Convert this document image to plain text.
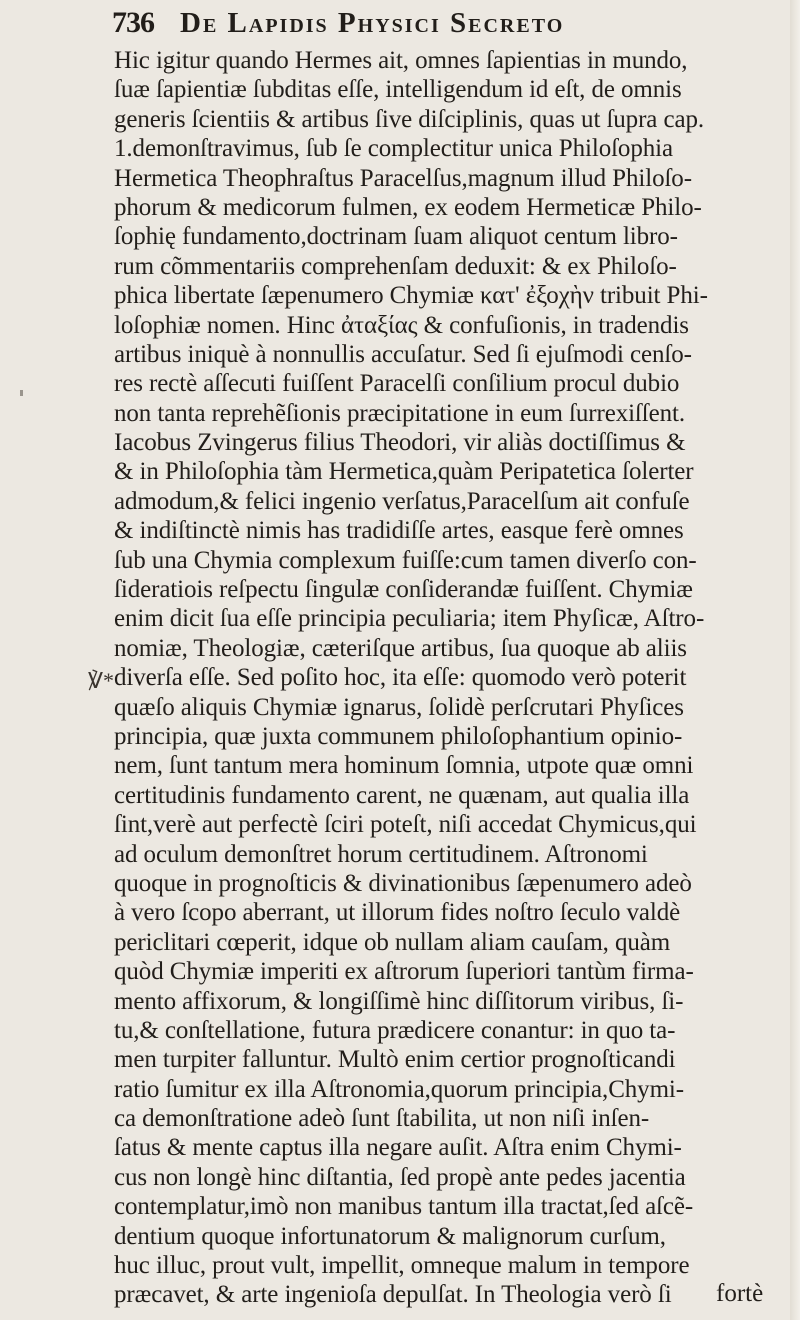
736 De Lapidis Physici Secreto
℣*
Hic igitur quando Hermes ait, omnes ſapientias in mundo,
ſuæ ſapientiæ ſubditas eſſe, intelligendum id eſt, de omnis
generis ſcientiis & artibus ſive diſciplinis, quas ut ſupra cap.
1.demonſtravimus, ſub ſe complectitur unica Philoſophia
Hermetica Theophraſtus Paracelſus,magnum illud Philoſo-
phorum & medicorum fulmen, ex eodem Hermeticæ Philo-
ſophię fundamento,doctrinam ſuam aliquot centum libro-
rum cõmmentariis comprehenſam deduxit: & ex Philoſo-
phica libertate ſæpenumero Chymiæ κατ' ἐξοχὴν tribuit Phi-
loſophiæ nomen. Hinc ἀταξίας & confuſionis, in tradendis
artibus iniquè à nonnullis accuſatur. Sed ſi ejuſmodi cenſo-
res rectè aſſecuti fuiſſent Paracelſi conſilium procul dubio
non tanta reprehẽſionis præcipitatione in eum ſurrexiſſent.
Iacobus Zvingerus filius Theodori, vir aliàs doctiſſimus &
& in Philoſophia tàm Hermetica,quàm Peripatetica ſolerter
admodum,& felici ingenio verſatus,Paracelſum ait confuſe
& indiſtinctè nimis has tradidiſſe artes, easque ferè omnes
ſub una Chymia complexum fuiſſe:cum tamen diverſo con-
ſideratiois reſpectu ſingulæ conſiderandæ fuiſſent. Chymiæ
enim dicit ſua eſſe principia peculiaria; item Phyſicæ, Aſtro-
nomiæ, Theologiæ, cæteriſque artibus, ſua quoque ab aliis
diverſa eſſe. Sed poſito hoc, ita eſſe: quomodo verò poterit
quæſo aliquis Chymiæ ignarus, ſolidè perſcrutari Phyſices
principia, quæ juxta communem philoſophantium opinio-
nem, ſunt tantum mera hominum ſomnia, utpote quæ omni
certitudinis fundamento carent, ne quænam, aut qualia illa
ſint,verè aut perfectè ſciri poteſt, niſi accedat Chymicus,qui
ad oculum demonſtret horum certitudinem. Aſtronomi
quoque in prognoſticis & divinationibus ſæpenumero adeò
à vero ſcopo aberrant, ut illorum fides noſtro ſeculo valdè
periclitari cœperit, idque ob nullam aliam cauſam, quàm
quòd Chymiæ imperiti ex aſtrorum ſuperiori tantùm firma-
mento affixorum, & longiſſimè hinc diſſitorum viribus, ſi-
tu,& conſtellatione, futura prædicere conantur: in quo ta-
men turpiter falluntur. Multò enim certior prognoſticandi
ratio ſumitur ex illa Aſtronomia,quorum principia,Chymi-
ca demonſtratione adeò ſunt ſtabilita, ut non niſi inſen-
ſatus & mente captus illa negare auſit. Aſtra enim Chymi-
cus non longè hinc diſtantia, ſed propè ante pedes jacentia
contemplatur,imò non manibus tantum illa tractat,ſed aſcẽ-
dentium quoque infortunatorum & malignorum curſum,
huc illuc, prout vult, impellit, omneque malum in tempore
præcavet, & arte ingenioſa depulſat. In Theologia verò ſi	fortè
